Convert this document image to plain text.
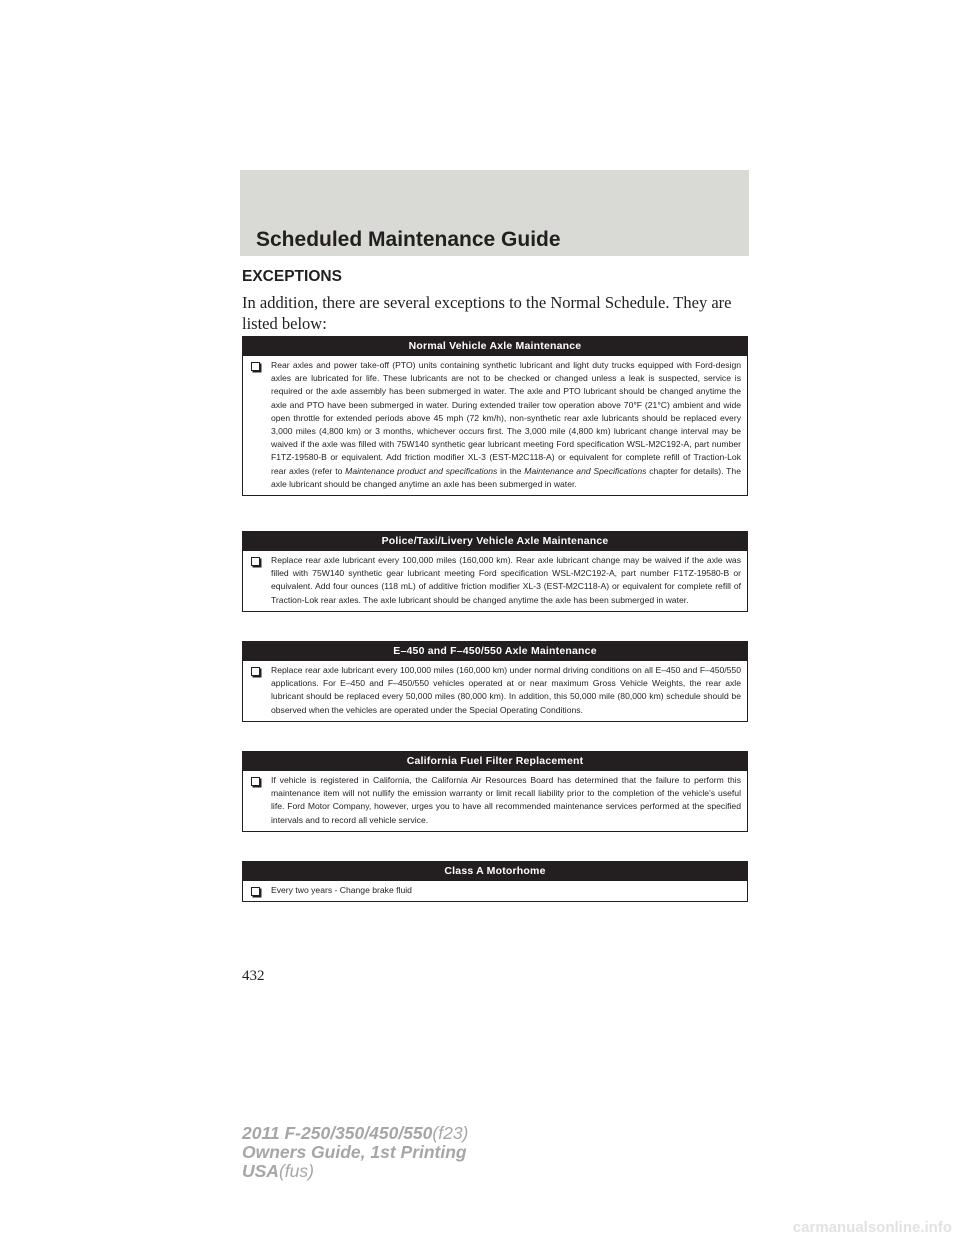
Scheduled Maintenance Guide
EXCEPTIONS

In addition, there are several exceptions to the Normal Schedule. They are listed below:

Normal Vehicle Axle Maintenance
Rear axles and power take-off (PTO) units containing synthetic lubricant and light duty trucks equipped with Ford-design axles are lubricated for life. These lubricants are not to be checked or changed unless a leak is suspected, service is required or the axle assembly has been submerged in water. The axle and PTO lubricant should be changed anytime the axle and PTO have been submerged in water. During extended trailer tow operation above 70°F (21°C) ambient and wide open throttle for extended periods above 45 mph (72 km/h), non-synthetic rear axle lubricants should be replaced every 3,000 miles (4,800 km) or 3 months, whichever occurs first. The 3,000 mile (4,800 km) lubricant change interval may be waived if the axle was filled with 75W140 synthetic gear lubricant meeting Ford specification WSL-M2C192-A, part number F1TZ-19580-B or equivalent. Add friction modifier XL-3 (EST-M2C118-A) or equivalent for complete refill of Traction-Lok rear axles (refer to Maintenance product and specifications in the Maintenance and Specifications chapter for details). The axle lubricant should be changed anytime an axle has been submerged in water.
Police/Taxi/Livery Vehicle Axle Maintenance
Replace rear axle lubricant every 100,000 miles (160,000 km). Rear axle lubricant change may be waived if the axle was filled with 75W140 synthetic gear lubricant meeting Ford specification WSL-M2C192-A, part number F1TZ-19580-B or equivalent. Add four ounces (118 mL) of additive friction modifier XL-3 (EST-M2C118-A) or equivalent for complete refill of Traction-Lok rear axles. The axle lubricant should be changed anytime the axle has been submerged in water.
E–450 and F–450/550 Axle Maintenance
Replace rear axle lubricant every 100,000 miles (160,000 km) under normal driving conditions on all E–450 and F–450/550 applications. For E–450 and F–450/550 vehicles operated at or near maximum Gross Vehicle Weights, the rear axle lubricant should be replaced every 50,000 miles (80,000 km). In addition, this 50,000 mile (80,000 km) schedule should be observed when the vehicles are operated under the Special Operating Conditions.
California Fuel Filter Replacement
If vehicle is registered in California, the California Air Resources Board has determined that the failure to perform this maintenance item will not nullify the emission warranty or limit recall liability prior to the completion of the vehicle's useful life. Ford Motor Company, however, urges you to have all recommended maintenance services performed at the specified intervals and to record all vehicle service.
Class A Motorhome
Every two years - Change brake fluid
432
2011 F-250/350/450/550(f23)
Owners Guide, 1st Printing
USA(fus)
carmanualsonline.info
